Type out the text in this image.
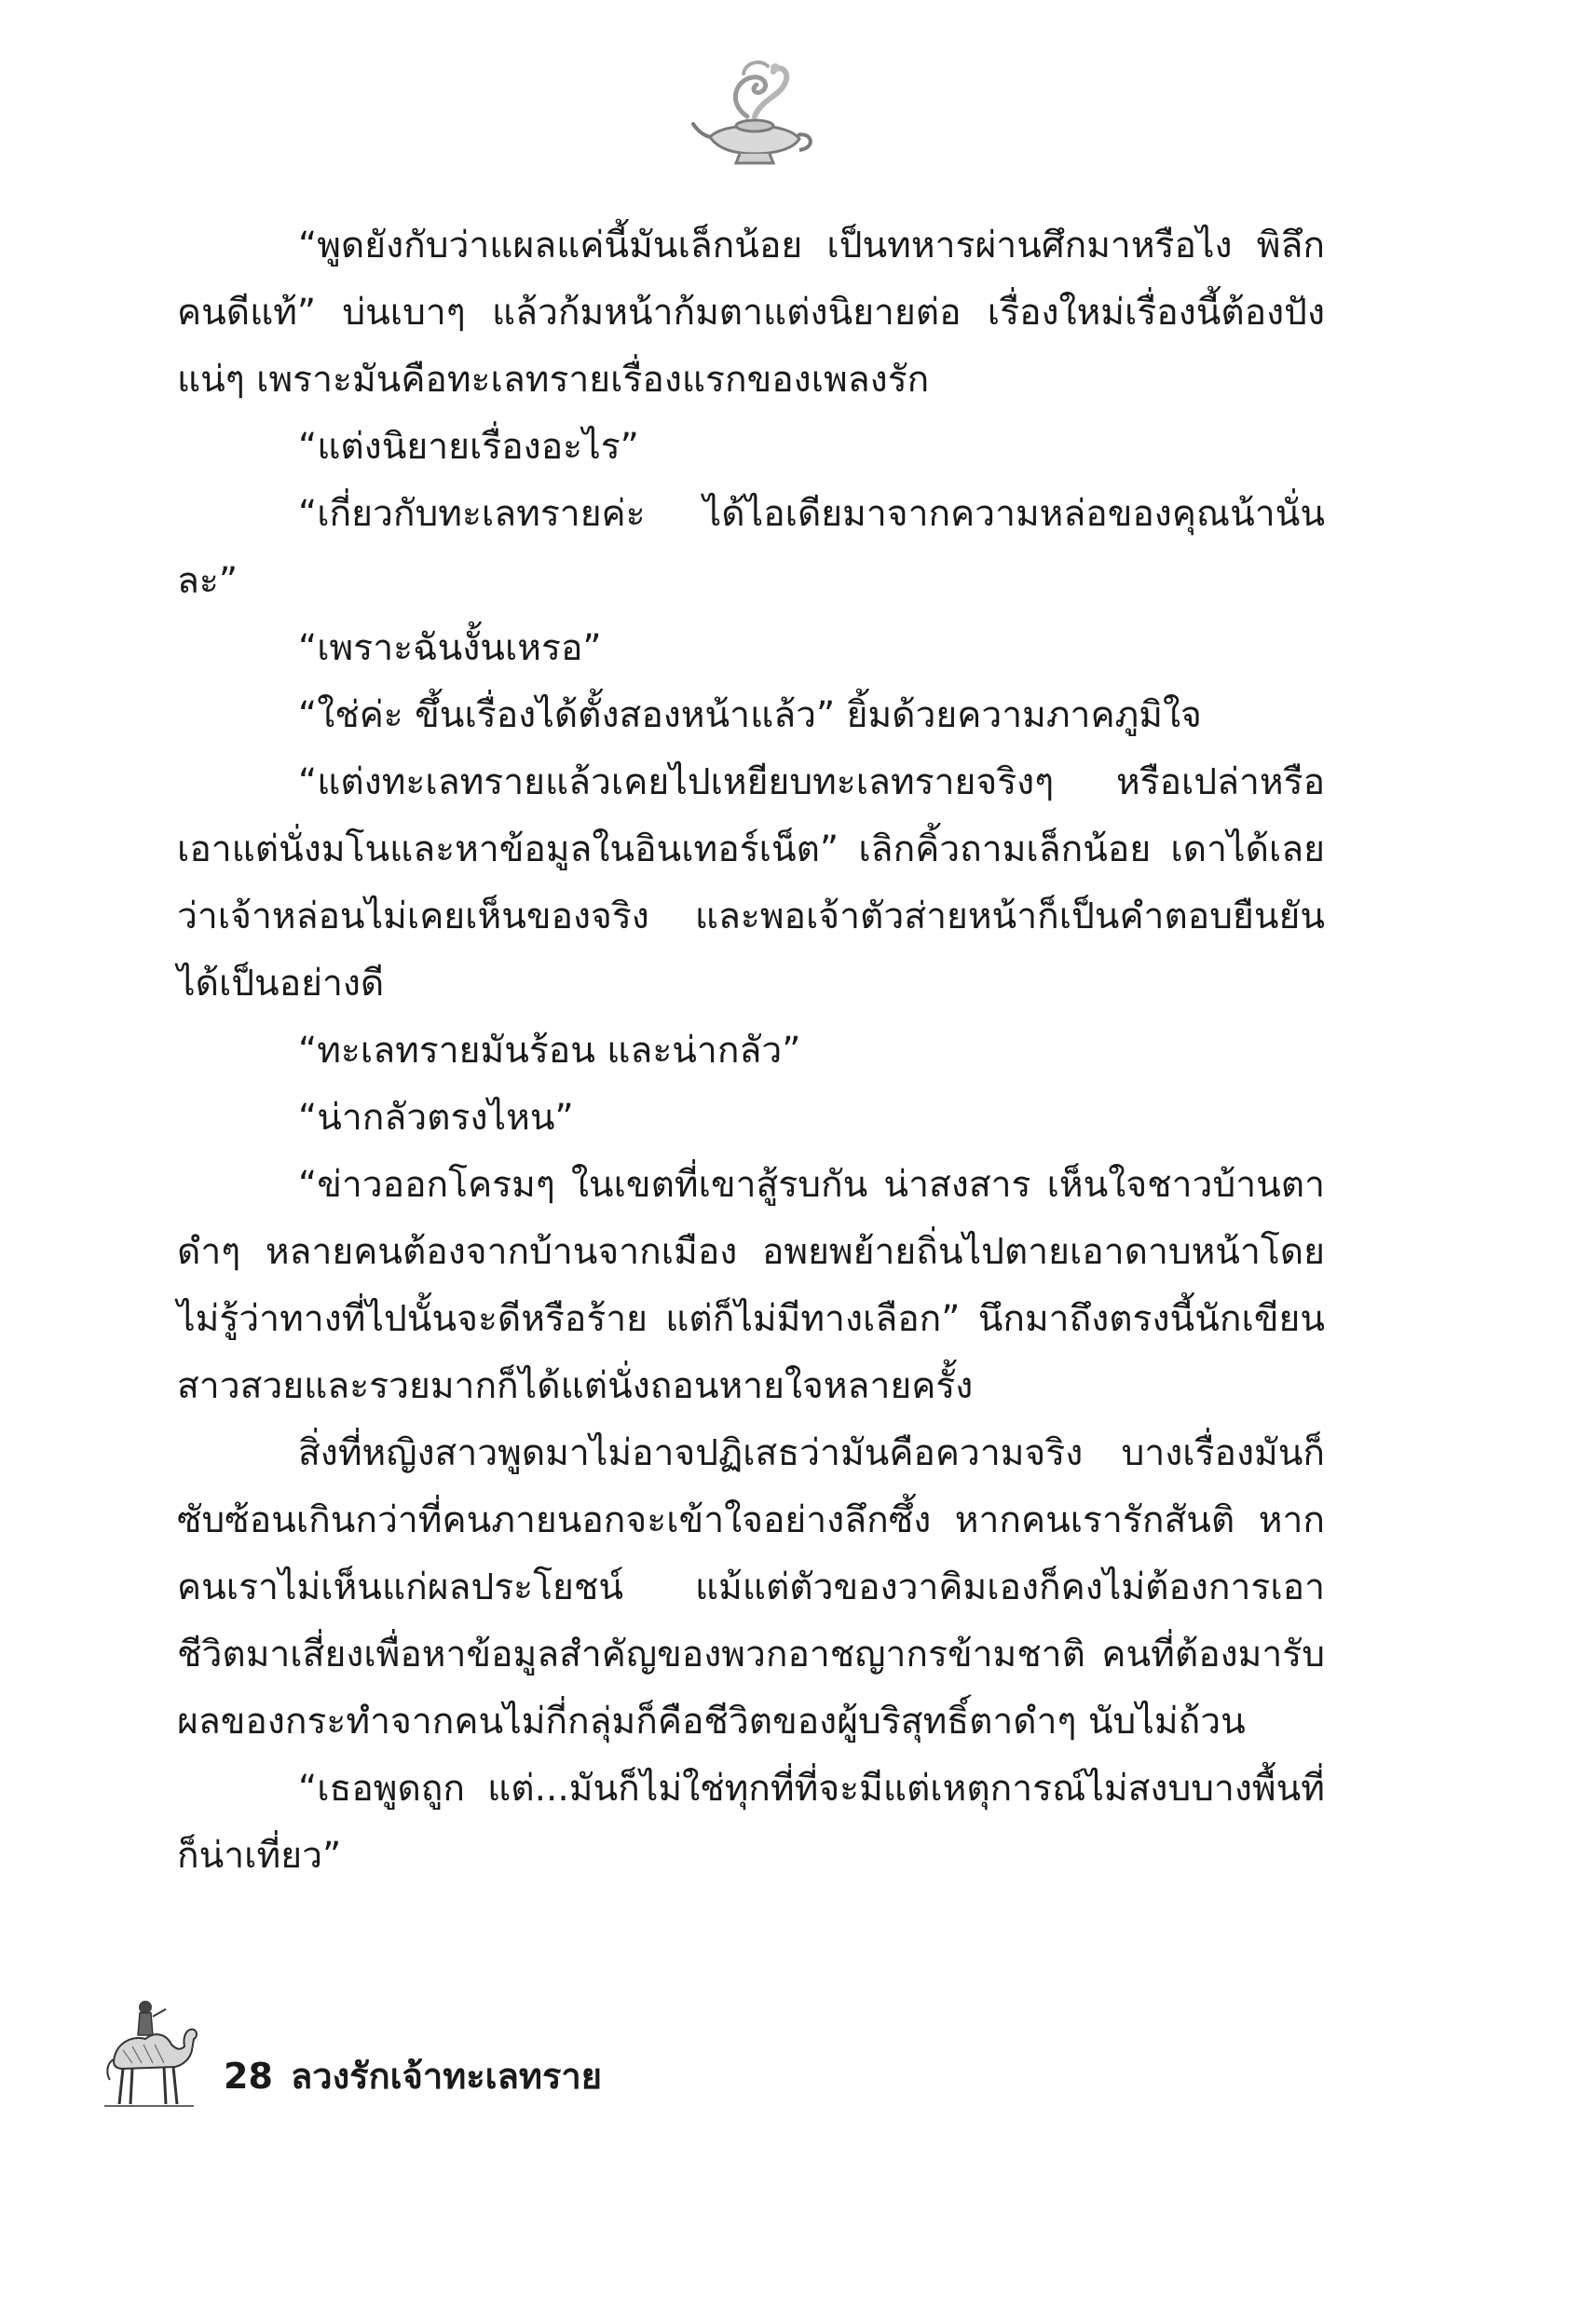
“พูดยังกับว่าแผลแค่นี้มันเล็กน้อย เป็นทหารผ่านศึกมาหรือไง พิลึกคนดีแท้” บ่นเบาๆ แล้วก้มหน้าก้มตาแต่งนิยายต่อ เรื่องใหม่เรื่องนี้ต้องปังแน่ๆ เพราะมันคือทะเลทรายเรื่องแรกของเพลงรัก

“แต่งนิยายเรื่องอะไร”

“เกี่ยวกับทะเลทรายค่ะ ได้ไอเดียมาจากความหล่อของคุณน้านั่นละ”

“เพราะฉันงั้นเหรอ”

“ใช่ค่ะ ขึ้นเรื่องได้ตั้งสองหน้าแล้ว” ยิ้มด้วยความภาคภูมิใจ

“แต่งทะเลทรายแล้วเคยไปเหยียบทะเลทรายจริงๆ หรือเปล่าหรือเอาแต่นั่งมโนและหาข้อมูลในอินเทอร์เน็ต” เลิกคิ้วถามเล็กน้อย เดาได้เลยว่าเจ้าหล่อนไม่เคยเห็นของจริง และพอเจ้าตัวส่ายหน้าก็เป็นคำตอบยืนยันได้เป็นอย่างดี

“ทะเลทรายมันร้อน และน่ากลัว”

“น่ากลัวตรงไหน”

“ข่าวออกโครมๆ ในเขตที่เขาสู้รบกัน น่าสงสาร เห็นใจชาวบ้านตาดำๆ หลายคนต้องจากบ้านจากเมือง อพยพย้ายถิ่นไปตายเอาดาบหน้าโดยไม่รู้ว่าทางที่ไปนั้นจะดีหรือร้าย แต่ก็ไม่มีทางเลือก” นึกมาถึงตรงนี้นักเขียนสาวสวยและรวยมากก็ได้แต่นั่งถอนหายใจหลายครั้ง

สิ่งที่หญิงสาวพูดมาไม่อาจปฏิเสธว่ามันคือความจริง บางเรื่องมันก็ซับซ้อนเกินกว่าที่คนภายนอกจะเข้าใจอย่างลึกซึ้ง หากคนเรารักสันติ หากคนเราไม่เห็นแก่ผลประโยชน์ แม้แต่ตัวของวาคิมเองก็คงไม่ต้องการเอาชีวิตมาเสี่ยงเพื่อหาข้อมูลสำคัญของพวกอาชญากรข้ามชาติ คนที่ต้องมารับผลของกระทำจากคนไม่กี่กลุ่มก็คือชีวิตของผู้บริสุทธิ์ตาดำๆ นับไม่ถ้วน

“เธอพูดถูก แต่...มันก็ไม่ใช่ทุกที่ที่จะมีแต่เหตุการณ์ไม่สงบบางพื้นที่ก็น่าเที่ยว”

28 ลวงรักเจ้าทะเลทราย
